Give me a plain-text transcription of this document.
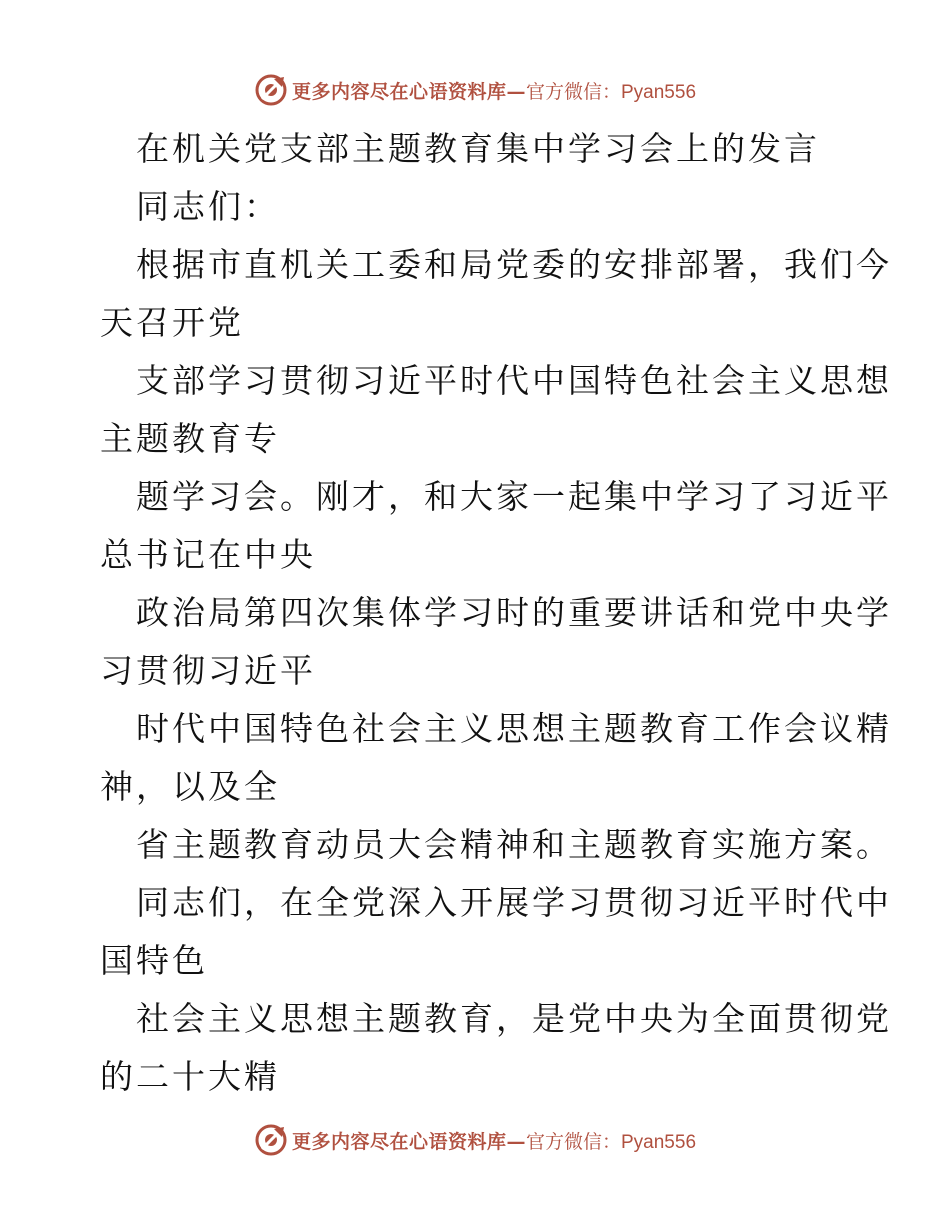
更多内容尽在心语资料库— 官方微信：Pyan556
在机关党支部主题教育集中学习会上的发言
同志们：
根据市直机关工委和局党委的安排部署，我们今
天召开党
支部学习贯彻习近平时代中国特色社会主义思想
主题教育专
题学习会。刚才，和大家一起集中学习了习近平
总书记在中央
政治局第四次集体学习时的重要讲话和党中央学
习贯彻习近平
时代中国特色社会主义思想主题教育工作会议精
神，以及全
省主题教育动员大会精神和主题教育实施方案。
同志们，在全党深入开展学习贯彻习近平时代中
国特色
社会主义思想主题教育，是党中央为全面贯彻党
的二十大精
更多内容尽在心语资料库— 官方微信：Pyan556
